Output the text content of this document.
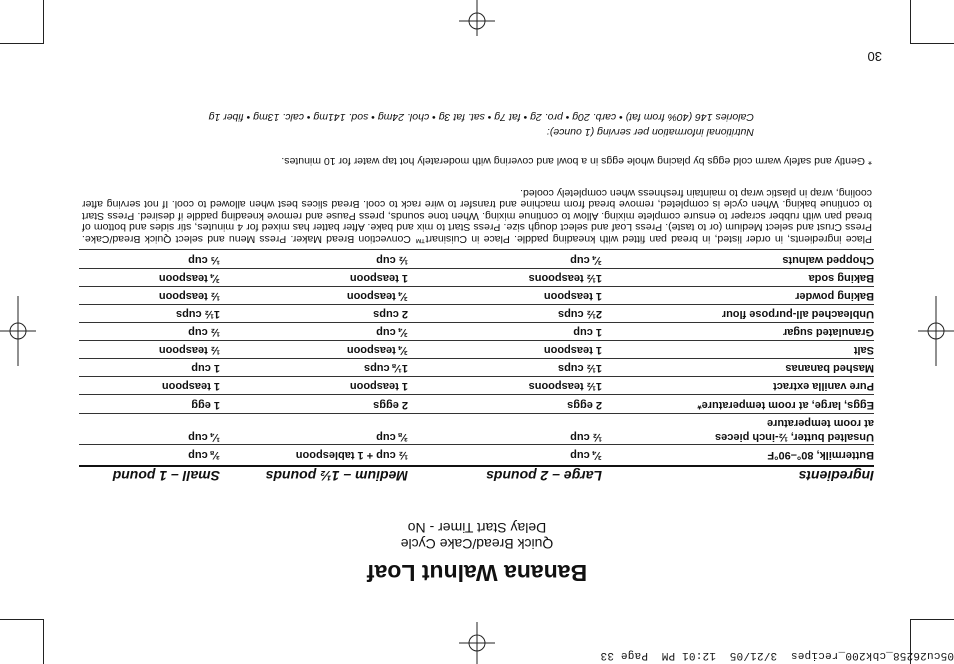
05cu26258_cbk200_recipes  3/21/05  12:01 PM  Page 33
Banana Walnut Loaf
Quick Bread/Cake Cycle
Delay Start Timer - No
Ingredients
Large – 2 pounds
Medium – 1½ pounds
Small – 1 pound
Buttermilk, 80°–90°F
¾ cup
½ cup + 1 tablespoon
⅜ cup
Unsalted butter, ½-inch pieces
at room temperature
½ cup
⅜ cup
¼ cup
Eggs, large, at room temperature*
2 eggs
2 eggs
1 egg
Pure vanilla extract
1½ teaspoons
1 teaspoon
1 teaspoon
Mashed bananas
1½ cups
1⅛ cups
1 cup
Salt
1 teaspoon
¾ teaspoon
½ teaspoon
Granulated sugar
1 cup
¾ cup
½ cup
Unbleached all-purpose flour
2½ cups
2 cups
1½ cups
Baking powder
1 teaspoon
¾ teaspoon
½ teaspoon
Baking soda
1½ teaspoons
1 teaspoon
¾ teaspoon
Chopped walnuts
¾ cup
½ cup
⅓ cup
Place ingredients, in order listed, in bread pan fitted with kneading paddle. Place in Cuisinart™ Convection Bread Maker. Press Menu and select Quick Bread/Cake. Press Crust and select Medium (or to taste). Press Loaf and select dough size. Press Start to mix and bake. After batter has mixed for 4 minutes, stir sides and bottom of bread pan with rubber scraper to ensure complete mixing. Allow to continue mixing. When tone sounds, press Pause and remove kneading paddle if desired. Press Start to continue baking. When cycle is completed, remove bread from machine and transfer to wire rack to cool. Bread slices best when allowed to cool. If not serving after cooling, wrap in plastic wrap to maintain freshness when completely cooled.
* Gently and safely warm cold eggs by placing whole eggs in a bowl and covering with moderately hot tap water for 10 minutes.
Nutritional information per serving (1 ounce):
Calories 146 (40% from fat) • carb. 20g • pro. 2g • fat 7g • sat. fat 3g • chol. 24mg • sod. 141mg • calc. 13mg • fiber 1g
30
